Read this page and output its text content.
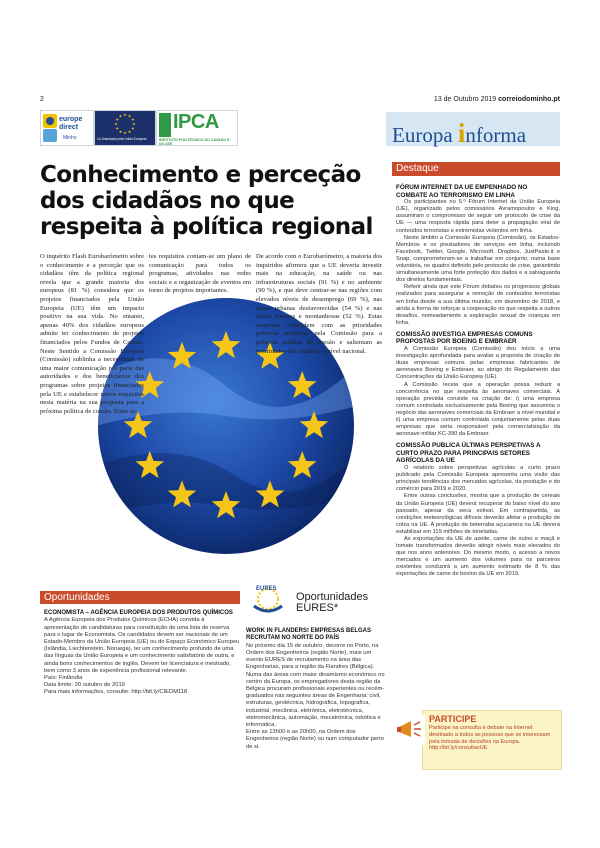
2	13 de Outubro 2019 correiodominho.pt
europe direct
Minho	Co-financiado pela União Europeia
IPCA
INSTITUTO POLITÉCNICO DO CÁVADO E DO AVE	Europa informa
Conhecimento e perceção dos cidadãos no que respeita à política regional
O inquérito Flash Eurobarómetro sobre o conhecimento e a perceção que os cidadãos têm da política regional revela que a grande maioria dos europeus (81 %) considera que os projetos financiados pela União Europeia (UE) têm um impacto positivo na sua vida. No entanto, apenas 40% dos cidadãos europeus admite ter conhecimento de projetos financiados pelos Fundos de Coesão. Neste Sentido a Comissão Europeia (Comissão) sublinha a necessidade de uma maior comunicação por parte das autoridades e dos beneficiários dos programas sobre projetos financiados pela UE e estabelecer novos requisitos nesta matéria na sua proposta para a próxima política de coesão. Entre es-
tes requisitos contam-se um plano de comunicação para todos os programas, atividades nas redes sociais e a organização de eventos em torno de projetos importantes.
De acordo com o Eurobarómetro, a maioria dos inquiridos afirmou que a UE deveria investir mais na educação, na saúde ou nas infraestruturas sociais (91 %) e no ambiente (90 %), e que deve centrar-se nas regiões com elevados níveis de desemprego (69 %), nas zonas urbanas desfavorecidas (54 %) e nas zonas remotas e montanhosas (52 %). Estas respostas coincidem com as prioridades políticas propostas pela Comissão para a próxima política de coesão e salientam as prioridades dos cidadãos a nível nacional.
Destaque
FÓRUM INTERNET DA UE EMPENHADO NO COMBATE AO TERRORISMO EM LINHA
Os participantes no 5.º Fórum Internet da União Europeia (UE), organizado pelos comissários Avramopoulos e King, assumiram o compromisso de seguir um protocolo de crise da UE — uma resposta rápida para deter a propagação viral de conteúdos terroristas e extremistas violentos em linha.
Neste âmbito a Comissão Europeia (Comissão), os Estados-Membros e os prestadores de serviços em linha, incluindo Facebook, Twitter, Google, Microsoft, Dropbox, JustPaste.it e Snap, comprometeram-se a trabalhar em conjunto, numa base voluntária, no quadro definido pelo protocolo de crise, garantindo simultaneamente uma forte proteção dos dados e a salvaguarda dos direitos fundamentais.
Referir ainda que este Fórum debateu os progressos globais realizados para assegurar a remoção de conteúdos terroristas em linha desde a sua última reunião, em dezembro de 2018, e ainda a forma de reforçar a cooperação no que respeita a outros desafios, nomeadamente a exploração sexual de crianças em linha.
COMISSÃO INVESTIGA EMPRESAS COMUNS PROPOSTAS POR BOEING E EMBRAER
A Comissão Europeia (Comissão) deu início a uma investigação aprofundada para avaliar a proposta de criação de duas empresas comuns pelas empresas fabricantes de aeronaves Boeing e Embraer, ao abrigo do Regulamento das Concentrações da União Europeia (UE).
A Comissão receia que a operação possa reduzir a concorrência no que respeita às aeronaves comerciais. A operação prevista consiste na criação de: i) uma empresa comum controlada exclusivamente pela Boeing que assumiria o negócio das aeronaves comerciais da Embraer a nível mundial e ii) uma empresa comum controlada conjuntamente pelas duas empresas que seria responsável pela comercialização da aeronave militar KC-390 da Embraer.
COMISSÃO PUBLICA ÚLTIMAS PERSPETIVAS A CURTO PRAZO PARA PRINCIPAIS SETORES AGRÍCOLAS DA UE
O relatório sobre perspetivas agrícolas a curto prazo publicado pela Comissão Europeia apresenta uma visão das principais tendências dos mercados agrícolas, da produção e do comércio para 2019 e 2020.
Entre outras conclusões, mostra que a produção de cereais da União Europeia (UE) deverá recuperar do baixo nível do ano passado, apesar da seca estival. Em contrapartida, as condições meteorológicas difíceis deverão afetar a produção de colza na UE. A produção de beterraba açucareira na UE deverá estabilizar em 119 milhões de toneladas.
As exportações da UE de azeite, carne de suíno e maçã e tomate transformados deverão atingir níveis mais elevados do que nos anos anteriores. Do mesmo modo, o acesso a novos mercados e um aumento dos volumes para os parceiros existentes conduzirá a um aumento estimado de 8 % das exportações de carne de bovino da UE em 2019.
Oportunidades
ECONOMISTA – AGÊNCIA EUROPEIA DOS PRODUTOS QUÍMICOS

A Agência Europeia dos Produtos Químicos (ECHA) convida à apresentação de candidaturas para constituição de uma lista de reserva para o lugar de Economista. Os candidatos devem ser nacionais de um Estado-Membro da União Europeia (UE) ou do Espaço Económico Europeu (Islândia, Liechtenstein, Noruega), ter um conhecimento profundo de uma das línguas da União Europeia e um conhecimento satisfatório de outra, e ainda bons conhecimentos de inglês. Devem ter licenciatura e mestrado, bem como 3 anos de experiência profissional relevante.

País: Finlândia

Data limite: 20 outubro de 2019

Para mais informações, consulte: http://bit.ly/CIEDM118

EURES
Oportunidades EURES*
WORK IN FLANDERS! EMPRESAS BELGAS RECRUTAM NO NORTE DO PAÍS

No próximo dia 15 de outubro, decorre no Porto, na Ordem dos Engenheiros (região Norte), mais um evento EURES de recrutamento na área das Engenharias, para a região da Flandres (Bélgica).

Numa das áreas com maior dinamismo económico no centro da Europa, os empregadores desta região da Bélgica procuram profissionais experientes ou recém-graduados nas seguintes áreas de Engenharia: civil, estruturas, geotécnica, hidrográfica, topografica, industrial, mecânica, eletrónica, eletrotécnica, eletromecânica, automação, mecatrónica, robótica e informática.

Entre as 13h00 e as 20h00, na Ordem dos Engenheiros (região Norte) ou num computador perto de si.

PARTICIPE
Participe na consulta e debate na Internet destinado a todos as pessoas que se interessam pela tomada de decisões na Europa. http://bit.ly/consultasUE
